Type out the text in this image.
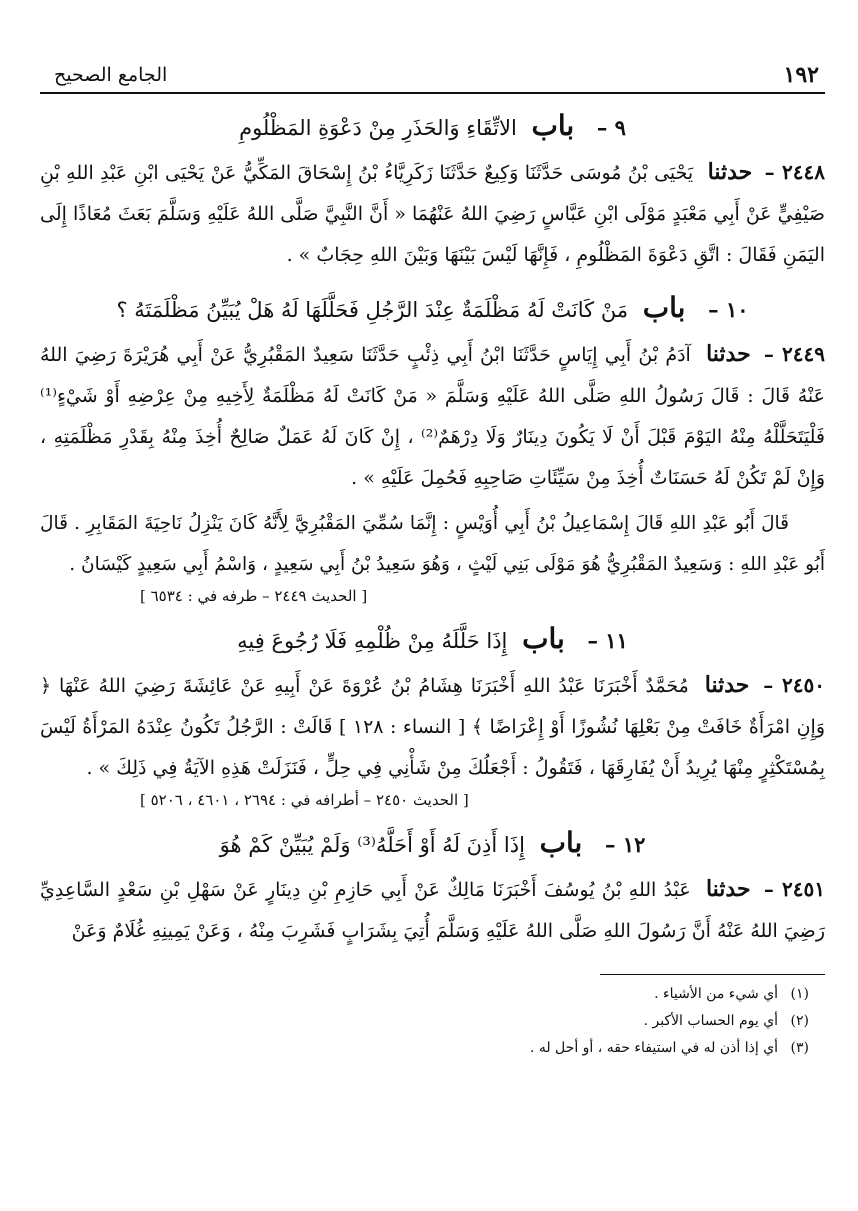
١٩٢
الجامع الصحيح
٩ – باب الاتِّقَاءِ وَالحَذَرِ مِنْ دَعْوَةِ المَظْلُومِ

٢٤٤٨ – حدثنا يَحْيَى بْنُ مُوسَى حَدَّثَنَا وَكِيعٌ حَدَّثَنَا زَكَرِيَّاءُ بْنُ إِسْحَاقَ المَكِّيُّ عَنْ يَحْيَى ابْنِ عَبْدِ اللهِ بْنِ صَيْفِيٍّ عَنْ أَبِي مَعْبَدٍ مَوْلَى ابْنِ عَبَّاسٍ رَضِيَ اللهُ عَنْهُمَا « أَنَّ النَّبِيَّ صَلَّى اللهُ عَلَيْهِ وَسَلَّمَ بَعَثَ مُعَاذًا إِلَى اليَمَنِ فَقَالَ : اتَّقِ دَعْوَةَ المَظْلُومِ ، فَإِنَّهَا لَيْسَ بَيْنَهَا وَبَيْنَ اللهِ حِجَابٌ » .

١٠ – باب مَنْ كَانَتْ لَهُ مَظْلَمَةٌ عِنْدَ الرَّجُلِ فَحَلَّلَهَا لَهُ هَلْ يُبَيِّنُ مَظْلَمَتَهُ ؟

٢٤٤٩ – حدثنا آدَمُ بْنُ أَبِي إِيَاسٍ حَدَّثَنَا ابْنُ أَبِي ذِئْبٍ حَدَّثَنَا سَعِيدٌ المَقْبُرِيُّ عَنْ أَبِي هُرَيْرَةَ رَضِيَ اللهُ عَنْهُ قَالَ : قَالَ رَسُولُ اللهِ صَلَّى اللهُ عَلَيْهِ وَسَلَّمَ « مَنْ كَانَتْ لَهُ مَظْلَمَةٌ لِأَخِيهِ مِنْ عِرْضِهِ أَوْ شَيْءٍ⁽¹⁾ فَلْيَتَحَلَّلْهُ مِنْهُ اليَوْمَ قَبْلَ أَنْ لَا يَكُونَ دِينَارٌ وَلَا دِرْهَمٌ⁽²⁾ ، إِنْ كَانَ لَهُ عَمَلٌ صَالِحٌ أُخِذَ مِنْهُ بِقَدْرِ مَظْلَمَتِهِ ، وَإِنْ لَمْ تَكُنْ لَهُ حَسَنَاتٌ أُخِذَ مِنْ سَيِّئَاتِ صَاحِبِهِ فَحُمِلَ عَلَيْهِ » .

قَالَ أَبُو عَبْدِ اللهِ قَالَ إِسْمَاعِيلُ بْنُ أَبِي أُوَيْسٍ : إِنَّمَا سُمِّيَ المَقْبُرِيَّ لِأَنَّهُ كَانَ يَنْزِلُ نَاحِيَةَ المَقَابِرِ . قَالَ أَبُو عَبْدِ اللهِ : وَسَعِيدٌ المَقْبُرِيُّ هُوَ مَوْلَى بَنِي لَيْثٍ ، وَهُوَ سَعِيدُ بْنُ أَبِي سَعِيدٍ ، وَاسْمُ أَبِي سَعِيدٍ كَيْسَانُ .

[ الحديث ٢٤٤٩ – طرفه في : ٦٥٣٤ ]
١١ – باب إِذَا حَلَّلَهُ مِنْ ظُلْمِهِ فَلَا رُجُوعَ فِيهِ

٢٤٥٠ – حدثنا مُحَمَّدٌ أَخْبَرَنَا عَبْدُ اللهِ أَخْبَرَنَا هِشَامُ بْنُ عُرْوَةَ عَنْ أَبِيهِ عَنْ عَائِشَةَ رَضِيَ اللهُ عَنْهَا ﴿ وَإِنِ امْرَأَةٌ خَافَتْ مِنْ بَعْلِهَا نُشُوزًا أَوْ إِعْرَاضًا ﴾ [ النساء : ١٢٨ ] قَالَتْ : الرَّجُلُ تَكُونُ عِنْدَهُ المَرْأَةُ لَيْسَ بِمُسْتَكْثِرٍ مِنْهَا يُرِيدُ أَنْ يُفَارِقَهَا ، فَتَقُولُ : أَجْعَلُكَ مِنْ شَأْنِي فِي حِلٍّ ، فَنَزَلَتْ هَذِهِ الآيَةُ فِي ذَلِكَ » .

[ الحديث ٢٤٥٠ – أطرافه في : ٢٦٩٤ ، ٤٦٠١ ، ٥٢٠٦ ]
١٢ – باب إِذَا أَذِنَ لَهُ أَوْ أَحَلَّهُ⁽³⁾ وَلَمْ يُبَيِّنْ كَمْ هُوَ

٢٤٥١ – حدثنا عَبْدُ اللهِ بْنُ يُوسُفَ أَخْبَرَنَا مَالِكٌ عَنْ أَبِي حَازِمِ بْنِ دِينَارٍ عَنْ سَهْلِ بْنِ سَعْدٍ السَّاعِدِيِّ رَضِيَ اللهُ عَنْهُ أَنَّ رَسُولَ اللهِ صَلَّى اللهُ عَلَيْهِ وَسَلَّمَ أُتِيَ بِشَرَابٍ فَشَرِبَ مِنْهُ ، وَعَنْ يَمِينِهِ غُلَامٌ وَعَنْ

(١) أي شيء من الأشياء .
(٢) أي يوم الحساب الأكبر .
(٣) أي إذا أذن له في استيفاء حقه ، أو أحل له .
